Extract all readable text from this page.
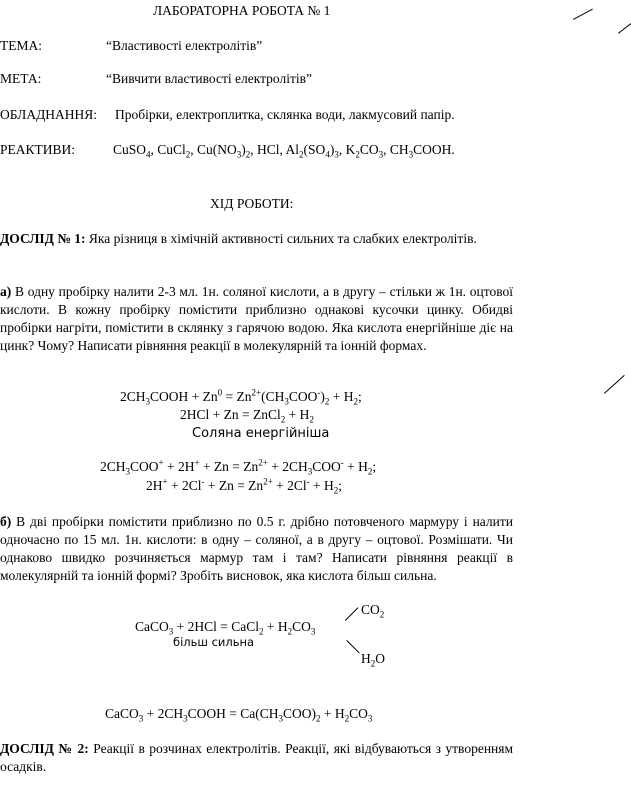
ЛАБОРАТОРНА РОБОТА № 1
ТЕМА:	“Властивості електролітів”
МЕТА:	“Вивчити властивості електролітів”
ОБЛАДНАННЯ: Пробірки, електроплитка, склянка води, лакмусовий папір.
РЕАКТИВИ:	CuSO$_4$, CuCl$_2$, $Cu(NO_3)_2$, HCl, $Al_2(SO_4)_3$, $K_2CO_3$, $CH_3COOH$.
ХІД РОБОТИ:
ДОСЛІД № 1: Яка різниця в хімічній активності сильних та слабких електролітів.
а) В одну пробірку налити 2-3 мл. 1н. соляної кислоти, а в другу – стільки ж 1н. оцтової кислоти. В кожну пробірку помістити приблизно однакові кусочки цинку. Обидві пробірки нагріти, помістити в склянку з гарячою водою. Яка кислота енергійніше діє на цинк? Чому? Написати рівняння реакції в молекулярній та іонній формах.
$2CH_3COOH + Zn^0 = Zn^{2+}(CH_3COO^-)_2 + H_2$;
2HCl + Zn = ZnCl$_2$ + $H_2$
Соляна енергійніша
$2CH_3COO^+ + 2H^+ + Zn = Zn^{2+} + 2CH_3COO^- + H_2$;
$2H^+ + 2Cl^- + Zn = Zn^{2+} + 2Cl^- + H_2$;
б) В дві пробірки помістити приблизно по 0.5 г. дрібно потовченого мармуру і налити одночасно по 15 мл. 1н. кислоти: в одну – соляної, а в другу – оцтової. Розмішати. Чи однаково швидко розчиняється мармур там і там? Написати рівняння реакції в молекулярній та іонній формі? Зробіть висновок, яка кислота більш сильна.
CaCO$_3$ + 2HCl = CaCl$_2$ + $H_2CO_3$
більш сильна
$CO_2$
$H_2O$
CaCO$_3$ + $2CH_3COOH = Ca(CH_3COO)_2 + H_2CO_3$
ДОСЛІД № 2: Реакції в розчинах електролітів. Реакції, які відбуваються з утворенням осадків.
